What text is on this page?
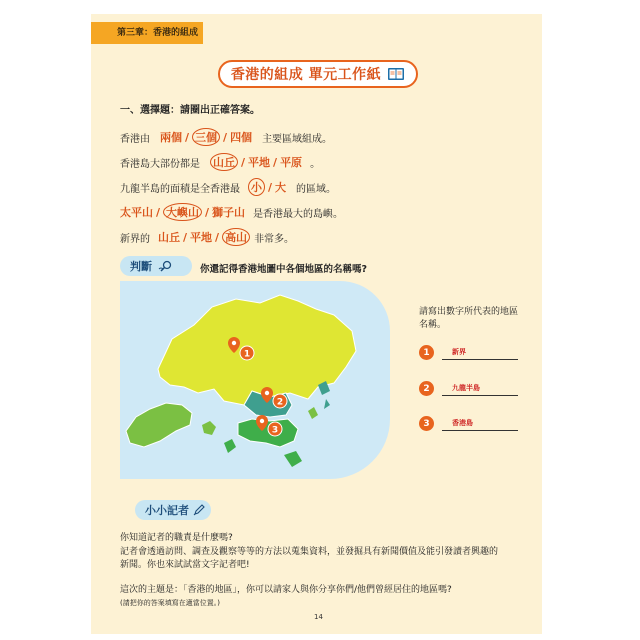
第三章：香港的組成
香港的組成 單元工作紙
一、選擇題：請圈出正確答案。
香港由 兩個 / 三個 / 四個 主要區域組成。
香港島大部份都是 山丘 / 平地 / 平原 。
九龍半島的面積是全香港最 小 / 大 的區域。
太平山 / 大嶼山 / 獅子山 是香港最大的島嶼。
新界的 山丘 / 平地 / 高山 非常多。
判斷	你還記得香港地圖中各個地區的名稱嗎?
1
2
3
請寫出數字所代表的地區名稱。
1	新界
2	九龍半島
3	香港島
小小記者
你知道記者的職責是什麼嗎?
記者會透過訪問、調查及觀察等等的方法以蒐集資料，並發掘具有新聞價值及能引發讀者興趣的
新聞。你也來試試當文字記者吧!
這次的主題是：「香港的地區」，你可以請家人與你分享你們/他們曾經居住的地區嗎?
(請把你的答案填寫在適當位置。)
14
